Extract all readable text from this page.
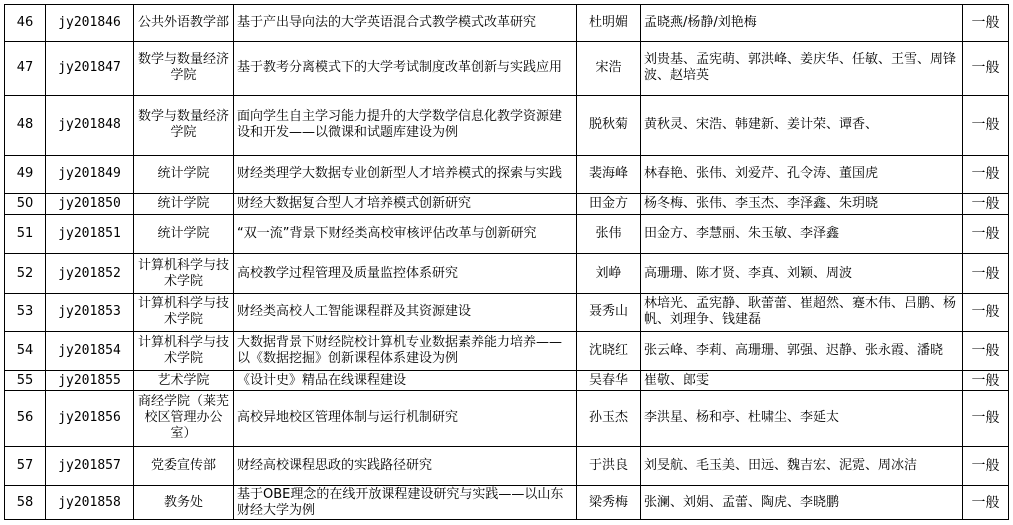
46	jy201846	公共外语教学部	基于产出导向法的大学英语混合式教学模式改革研究	杜明媚	孟晓燕/杨静/刘艳梅	一般
47	jy201847	数学与数量经济学院	基于教考分离模式下的大学考试制度改革创新与实践应用	宋浩	刘贵基、孟宪萌、郭洪峰、姜庆华、任敏、王雪、周锋波、赵培英	一般
48	jy201848	数学与数量经济学院	面向学生自主学习能力提升的大学数学信息化教学资源建设和开发——以微课和试题库建设为例	脱秋菊	黄秋灵、宋浩、韩建新、姜计荣、谭香、	一般
49	jy201849	统计学院	财经类理学大数据专业创新型人才培养模式的探索与实践	裴海峰	林春艳、张伟、刘爱芹、孔令涛、董国虎	一般
50	jy201850	统计学院	财经大数据复合型人才培养模式创新研究	田金方	杨冬梅、张伟、李玉杰、李泽鑫、朱玥晓	一般
51	jy201851	统计学院	“双一流”背景下财经类高校审核评估改革与创新研究	张伟	田金方、李慧丽、朱玉敏、李泽鑫	一般
52	jy201852	计算机科学与技术学院	高校教学过程管理及质量监控体系研究	刘峥	高珊珊、陈才贤、李真、刘颖、周波	一般
53	jy201853	计算机科学与技术学院	财经类高校人工智能课程群及其资源建设	聂秀山	林培光、孟宪静、耿蕾蕾、崔超然、蹇木伟、吕鹏、杨帆、刘理争、钱建磊	一般
54	jy201854	计算机科学与技术学院	大数据背景下财经院校计算机专业数据素养能力培养——以《数据挖掘》创新课程体系建设为例	沈晓红	张云峰、李莉、高珊珊、郭强、迟静、张永霞、潘晓	一般
55	jy201855	艺术学院	《设计史》精品在线课程建设	吴春华	崔敬、郎雯	一般
56	jy201856	商经学院（莱芜校区管理办公室）	高校异地校区管理体制与运行机制研究	孙玉杰	李洪星、杨和亭、杜啸尘、李延太	一般
57	jy201857	党委宣传部	财经高校课程思政的实践路径研究	于洪良	刘旻航、毛玉美、田远、魏吉宏、泥霓、周冰洁	一般
58	jy201858	教务处	基于OBE理念的在线开放课程建设研究与实践——以山东财经大学为例	梁秀梅	张澜、刘娟、孟蕾、陶虎、李晓鹏	一般
